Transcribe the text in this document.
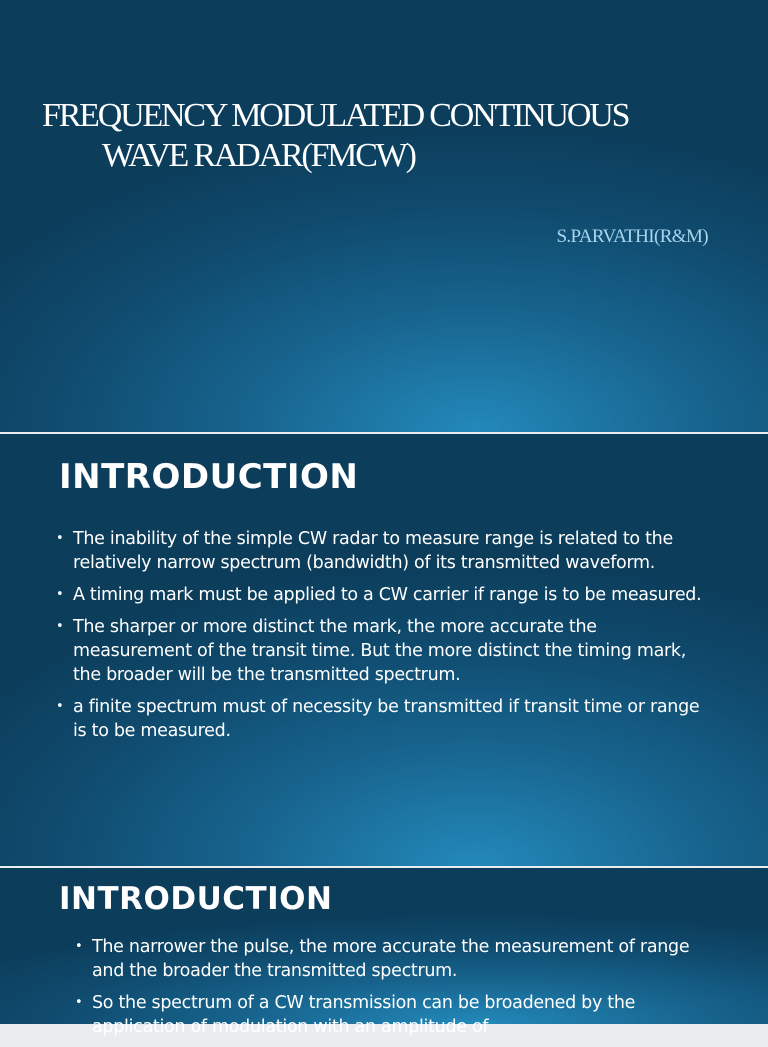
FREQUENCY MODULATED CONTINUOUS
WAVE RADAR(FMCW)
S.PARVATHI(R&M)
INTRODUCTION
• The inability of the simple CW radar to measure range is related to the relatively narrow spectrum (bandwidth) of its transmitted waveform.
• A timing mark must be applied to a CW carrier if range is to be measured.
• The sharper or more distinct the mark, the more accurate the measurement of the transit time. But the more distinct the timing mark, the broader will be the transmitted spectrum.
• a finite spectrum must of necessity be transmitted if transit time or range is to be measured.
INTRODUCTION
• The narrower the pulse, the more accurate the measurement of range and the broader the transmitted spectrum.
• So the spectrum of a CW transmission can be broadened by the application of modulation with an amplitude of
